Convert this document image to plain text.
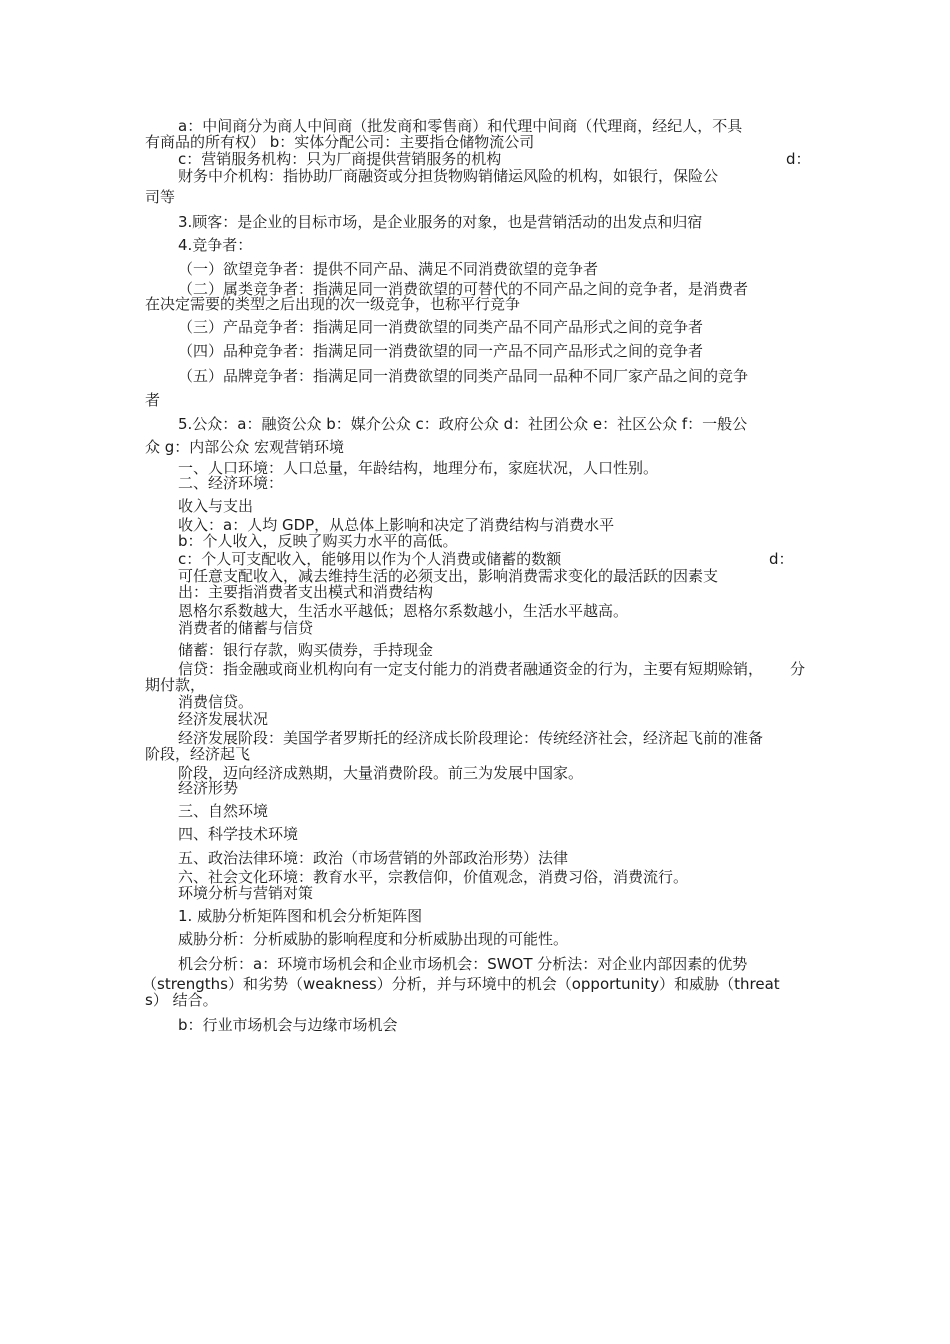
a：中间商分为商人中间商（批发商和零售商）和代理中间商（代理商，经纪人，不具

有商品的所有权） b：实体分配公司：主要指仓储物流公司

c：营销服务机构：只为厂商提供营销服务的机构	d：

财务中介机构：指协助厂商融资或分担货物购销储运风险的机构，如银行，保险公

司等

3.顾客：是企业的目标市场，是企业服务的对象，也是营销活动的出发点和归宿

4.竞争者：

（一）欲望竞争者：提供不同产品、满足不同消费欲望的竞争者

（二）属类竞争者：指满足同一消费欲望的可替代的不同产品之间的竞争者，是消费者

在决定需要的类型之后出现的次一级竞争，也称平行竞争

（三）产品竞争者：指满足同一消费欲望的同类产品不同产品形式之间的竞争者

（四）品种竞争者：指满足同一消费欲望的同一产品不同产品形式之间的竞争者

（五）品牌竞争者：指满足同一消费欲望的同类产品同一品种不同厂家产品之间的竞争

者

5.公众：a：融资公众 b：媒介公众 c：政府公众 d：社团公众 e：社区公众 f：一般公

众 g：内部公众 宏观营销环境

一、人口环境：人口总量，年龄结构，地理分布，家庭状况，人口性别。

二、经济环境：

收入与支出

收入：a：人均 GDP，从总体上影响和决定了消费结构与消费水平

b：个人收入，反映了购买力水平的高低。

c：个人可支配收入，能够用以作为个人消费或储蓄的数额	d：

可任意支配收入，减去维持生活的必须支出，影响消费需求变化的最活跃的因素支

出：主要指消费者支出模式和消费结构

恩格尔系数越大，生活水平越低；恩格尔系数越小，生活水平越高。

消费者的储蓄与信贷

储蓄：银行存款，购买债券，手持现金

信贷：指金融或商业机构向有一定支付能力的消费者融通资金的行为，主要有短期赊销， 分

期付款，

消费信贷。

经济发展状况

经济发展阶段：美国学者罗斯托的经济成长阶段理论：传统经济社会，经济起飞前的准备

阶段，经济起飞

阶段，迈向经济成熟期，大量消费阶段。前三为发展中国家。

经济形势

三、自然环境

四、科学技术环境

五、政治法律环境：政治（市场营销的外部政治形势）法律

六、社会文化环境：教育水平，宗教信仰，价值观念，消费习俗，消费流行。

环境分析与营销对策

1. 威胁分析矩阵图和机会分析矩阵图

威胁分析：分析威胁的影响程度和分析威胁出现的可能性。

机会分析：a：环境市场机会和企业市场机会：SWOT 分析法：对企业内部因素的优势

（strengths）和劣势（weakness）分析，并与环境中的机会（opportunity）和威胁（threat

s） 结合。

b：行业市场机会与边缘市场机会
